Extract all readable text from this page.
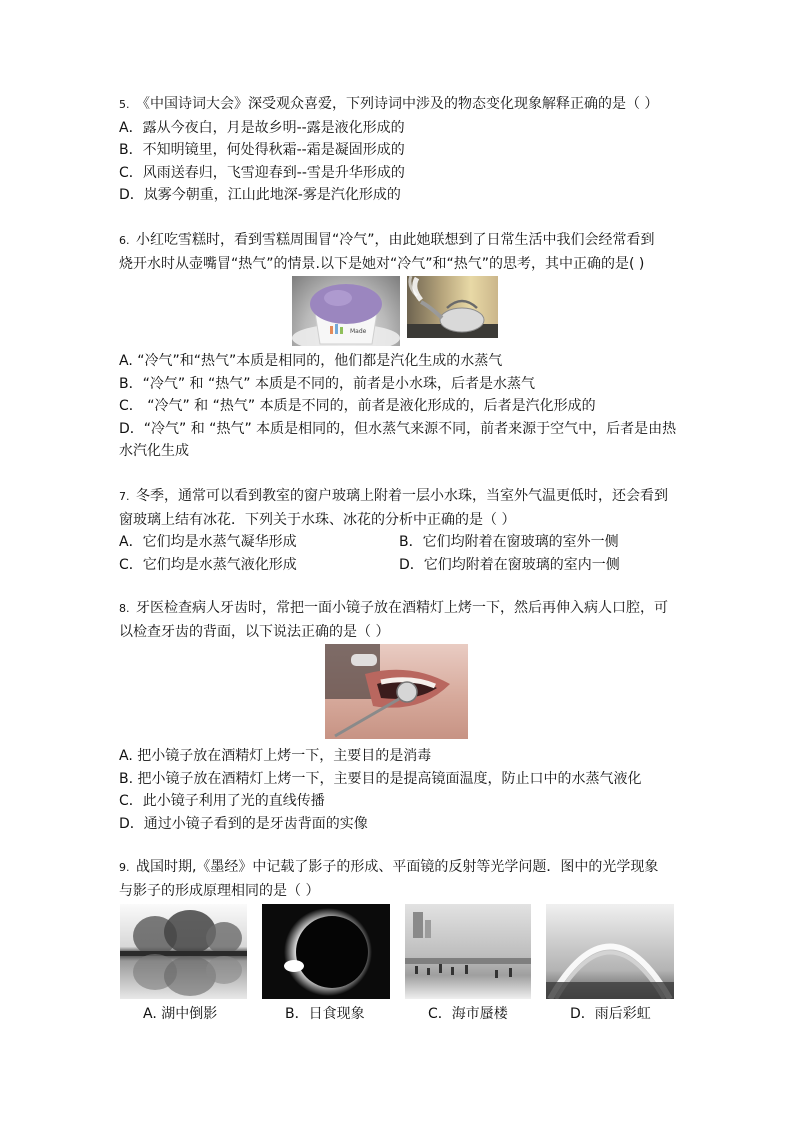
5. 《中国诗词大会》深受观众喜爱，下列诗词中涉及的物态变化现象解释正确的是（ ）
A．露从今夜白，月是故乡明--露是液化形成的
B．不知明镜里，何处得秋霜--霜是凝固形成的
C．风雨送春归，飞雪迎春到--雪是升华形成的
D．岚雾今朝重，江山此地深-雾是汽化形成的
6. 小红吃雪糕时，看到雪糕周围冒“冷气”，由此她联想到了日常生活中我们会经常看到
烧开水时从壶嘴冒“热气”的情景.以下是她对“冷气”和“热气”的思考，其中正确的是( )
Made
A. “冷气”和“热气”本质是相同的，他们都是汽化生成的水蒸气
B．“冷气” 和 “热气” 本质是不同的，前者是小水珠，后者是水蒸气
C． “冷气” 和 “热气” 本质是不同的，前者是液化形成的，后者是汽化形成的
D．“冷气” 和 “热气” 本质是相同的，但水蒸气来源不同，前者来源于空气中，后者是由热
水汽化生成
7. 冬季，通常可以看到教室的窗户玻璃上附着一层小水珠，当室外气温更低时，还会看到
窗玻璃上结有冰花．下列关于水珠、冰花的分析中正确的是（ ）
A．它们均是水蒸气凝华形成	B．它们均附着在窗玻璃的室外一侧
C．它们均是水蒸气液化形成	D．它们均附着在窗玻璃的室内一侧
8. 牙医检查病人牙齿时，常把一面小镜子放在酒精灯上烤一下，然后再伸入病人口腔，可
以检查牙齿的背面，以下说法正确的是（ ）
A. 把小镜子放在酒精灯上烤一下，主要目的是消毒
B. 把小镜子放在酒精灯上烤一下，主要目的是提高镜面温度，防止口中的水蒸气液化
C．此小镜子利用了光的直线传播
D．通过小镜子看到的是牙齿背面的实像
9. 战国时期,《墨经》中记载了影子的形成、平面镜的反射等光学问题．图中的光学现象
与影子的形成原理相同的是（ ）
A. 湖中倒影	B．日食现象	C．海市蜃楼	D．雨后彩虹
